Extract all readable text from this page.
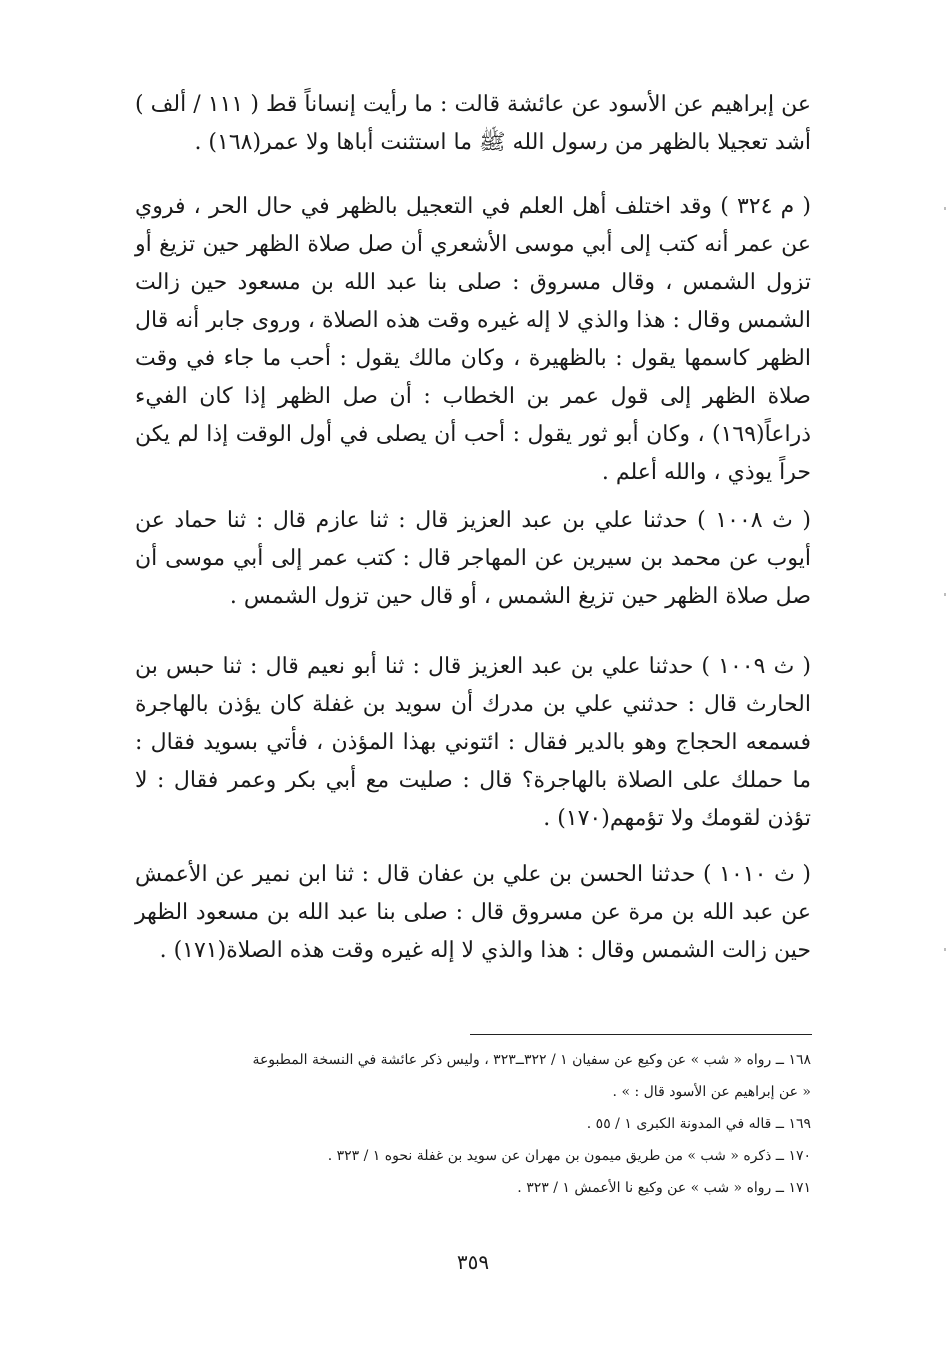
عن إبراهيم عن الأسود عن عائشة قالت : ما رأيت إنساناً قط ( ١١١ / ألف ) أشد تعجيلا بالظهر من رسول الله ﷺ ما استثنت أباها ولا عمر(١٦٨) .

( م ٣٢٤ ) وقد اختلف أهل العلم في التعجيل بالظهر في حال الحر ، فروي عن عمر أنه كتب إلى أبي موسى الأشعري أن صل صلاة الظهر حين تزيغ أو تزول الشمس ، وقال مسروق : صلى بنا عبد الله بن مسعود حين زالت الشمس وقال : هذا والذي لا إله غيره وقت هذه الصلاة ، وروى جابر أنه قال الظهر كاسمها يقول : بالظهيرة ، وكان مالك يقول : أحب ما جاء في وقت صلاة الظهر إلى قول عمر بن الخطاب : أن صل الظهر إذا كان الفيء ذراعاً(١٦٩) ، وكان أبو ثور يقول : أحب أن يصلى في أول الوقت إذا لم يكن حراً يوذي ، والله أعلم .

( ث ١٠٠٨ ) حدثنا علي بن عبد العزيز قال : ثنا عازم قال : ثنا حماد عن أيوب عن محمد بن سيرين عن المهاجر قال : كتب عمر إلى أبي موسى أن صل صلاة الظهر حين تزيغ الشمس ، أو قال حين تزول الشمس .

( ث ١٠٠٩ ) حدثنا علي بن عبد العزيز قال : ثنا أبو نعيم قال : ثنا حبس بن الحارث قال : حدثني علي بن مدرك أن سويد بن غفلة كان يؤذن بالهاجرة فسمعه الحجاج وهو بالدير فقال : ائتوني بهذا المؤذن ، فأتي بسويد فقال : ما حملك على الصلاة بالهاجرة؟ قال : صليت مع أبي بكر وعمر فقال : لا تؤذن لقومك ولا تؤمهم(١٧٠) .

( ث ١٠١٠ ) حدثنا الحسن بن علي بن عفان قال : ثنا ابن نمير عن الأعمش عن عبد الله بن مرة عن مسروق قال : صلى بنا عبد الله بن مسعود الظهر حين زالت الشمس وقال : هذا والذي لا إله غيره وقت هذه الصلاة(١٧١) .

١٦٨ ــ رواه « شب » عن وكيع عن سفيان ١ / ٣٢٢ــ٣٢٣ ، وليس ذكر عائشة في النسخة المطبوعة

« عن إبراهيم عن الأسود قال : » .

١٦٩ ــ قاله في المدونة الكبرى ١ / ٥٥ .

١٧٠ ــ ذكره « شب » من طريق ميمون بن مهران عن سويد بن غفلة نحوه ١ / ٣٢٣ .

١٧١ ــ رواه « شب » عن وكيع نا الأعمش ١ / ٣٢٣ .

٣٥٩
